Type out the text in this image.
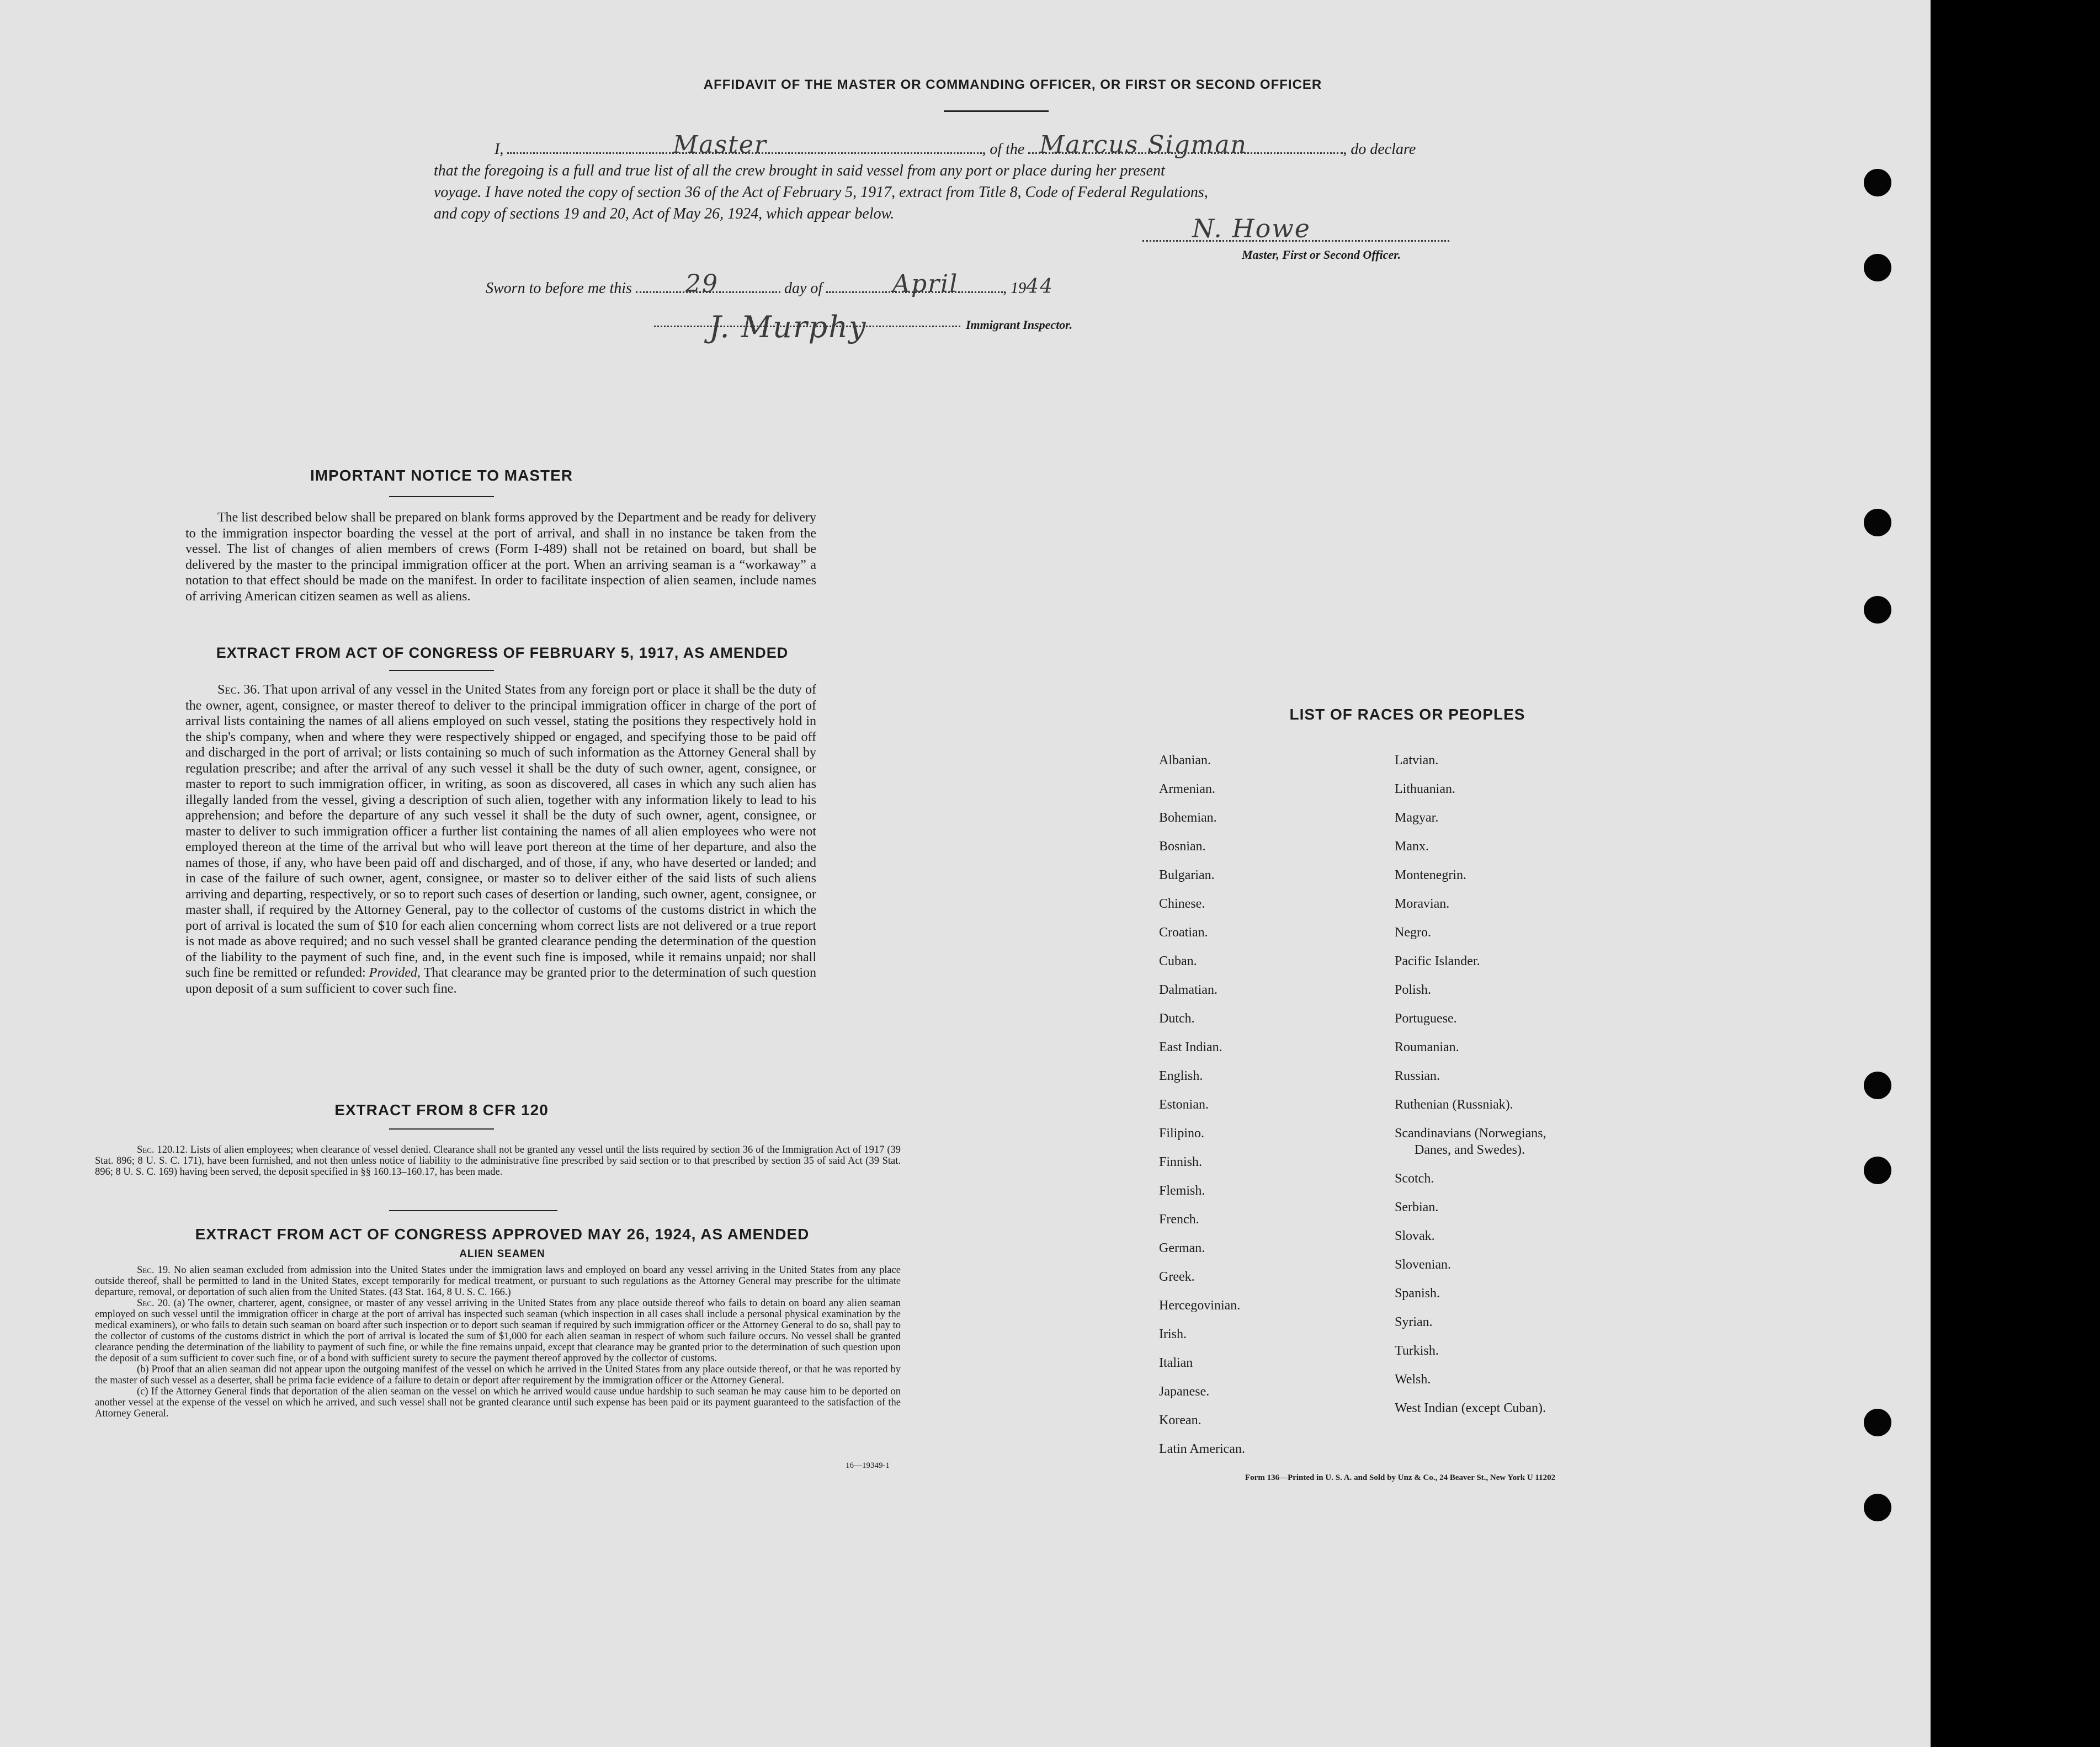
AFFIDAVIT OF THE MASTER OR COMMANDING OFFICER, OR FIRST OR SECOND OFFICER
I,	Master	, of the Marcus Sigman	, do declare
that the foregoing is a full and true list of all the crew brought in said vessel from any port or place during her present
voyage. I have noted the copy of section 36 of the Act of February 5, 1917, extract from Title 8, Code of Federal Regulations,
and copy of sections 19 and 20, Act of May 26, 1924, which appear below.	N. Howe
Master, First or Second Officer.
Sworn to before me this 29	day of	April	, 1944
J. Murphy	Immigrant Inspector.
IMPORTANT NOTICE TO MASTER
The list described below shall be prepared on blank forms approved by the Department and be ready for delivery to the immigration inspector boarding the vessel at the port of arrival, and shall in no instance be taken from the vessel. The list of changes of alien members of crews (Form I-489) shall not be retained on board, but shall be delivered by the master to the principal immigration officer at the port. When an arriving seaman is a “workaway” a notation to that effect should be made on the manifest. In order to facilitate inspection of alien seamen, include names of arriving American citizen seamen as well as aliens.
EXTRACT FROM ACT OF CONGRESS OF FEBRUARY 5, 1917, AS AMENDED
Sec. 36. That upon arrival of any vessel in the United States from any foreign port or place it shall be the duty of the owner, agent, consignee, or master thereof to deliver to the principal immigration officer in charge of the port of arrival lists containing the names of all aliens employed on such vessel, stating the positions they respectively hold in the ship's company, when and where they were respectively shipped or engaged, and specifying those to be paid off and discharged in the port of arrival; or lists containing so much of such information as the Attorney General shall by regulation prescribe; and after the arrival of any such vessel it shall be the duty of such owner, agent, consignee, or master to report to such immigration officer, in writing, as soon as discovered, all cases in which any such alien has illegally landed from the vessel, giving a description of such alien, together with any information likely to lead to his apprehension; and before the departure of any such vessel it shall be the duty of such owner, agent, consignee, or master to deliver to such immigration officer a further list containing the names of all alien employees who were not employed thereon at the time of the arrival but who will leave port thereon at the time of her departure, and also the names of those, if any, who have been paid off and discharged, and of those, if any, who have deserted or landed; and in case of the failure of such owner, agent, consignee, or master so to deliver either of the said lists of such aliens arriving and departing, respectively, or so to report such cases of desertion or landing, such owner, agent, consignee, or master shall, if required by the Attorney General, pay to the collector of customs of the customs district in which the port of arrival is located the sum of $10 for each alien concerning whom correct lists are not delivered or a true report is not made as above required; and no such vessel shall be granted clearance pending the determination of the question of the liability to the payment of such fine, and, in the event such fine is imposed, while it remains unpaid; nor shall such fine be remitted or refunded: Provided, That clearance may be granted prior to the determination of such question upon deposit of a sum sufficient to cover such fine.
EXTRACT FROM 8 CFR 120
Sec. 120.12. Lists of alien employees; when clearance of vessel denied. Clearance shall not be granted any vessel until the lists required by section 36 of the Immigration Act of 1917 (39 Stat. 896; 8 U. S. C. 171), have been furnished, and not then unless notice of liability to the administrative fine prescribed by said section or to that prescribed by section 35 of said Act (39 Stat. 896; 8 U. S. C. 169) having been served, the deposit specified in §§ 160.13–160.17, has been made.
EXTRACT FROM ACT OF CONGRESS APPROVED MAY 26, 1924, AS AMENDED
ALIEN SEAMEN
Sec. 19. No alien seaman excluded from admission into the United States under the immigration laws and employed on board any vessel arriving in the United States from any place outside thereof, shall be permitted to land in the United States, except temporarily for medical treatment, or pursuant to such regulations as the Attorney General may prescribe for the ultimate departure, removal, or deportation of such alien from the United States. (43 Stat. 164, 8 U. S. C. 166.)
Sec. 20. (a) The owner, charterer, agent, consignee, or master of any vessel arriving in the United States from any place outside thereof who fails to detain on board any alien seaman employed on such vessel until the immigration officer in charge at the port of arrival has inspected such seaman (which inspection in all cases shall include a personal physical examination by the medical examiners), or who fails to detain such seaman on board after such inspection or to deport such seaman if required by such immigration officer or the Attorney General to do so, shall pay to the collector of customs of the customs district in which the port of arrival is located the sum of $1,000 for each alien seaman in respect of whom such failure occurs. No vessel shall be granted clearance pending the determination of the liability to payment of such fine, or while the fine remains unpaid, except that clearance may be granted prior to the determination of such question upon the deposit of a sum sufficient to cover such fine, or of a bond with sufficient surety to secure the payment thereof approved by the collector of customs.
(b) Proof that an alien seaman did not appear upon the outgoing manifest of the vessel on which he arrived in the United States from any place outside thereof, or that he was reported by the master of such vessel as a deserter, shall be prima facie evidence of a failure to detain or deport after requirement by the immigration officer or the Attorney General.
(c) If the Attorney General finds that deportation of the alien seaman on the vessel on which he arrived would cause undue hardship to such seaman he may cause him to be deported on another vessel at the expense of the vessel on which he arrived, and such vessel shall not be granted clearance until such expense has been paid or its payment guaranteed to the satisfaction of the Attorney General.
16—19349-1
LIST OF RACES OR PEOPLES
Albanian.
Armenian.
Bohemian.
Bosnian.
Bulgarian.
Chinese.
Croatian.
Cuban.
Dalmatian.
Dutch.
East Indian.
English.
Estonian.
Filipino.
Finnish.
Flemish.
French.
German.
Greek.
Hercegovinian.
Irish.
Italian
Japanese.
Korean.
Latin American.
Latvian.
Lithuanian.
Magyar.
Manx.
Montenegrin.
Moravian.
Negro.
Pacific Islander.
Polish.
Portuguese.
Roumanian.
Russian.
Ruthenian (Russniak).
Scandinavians (Norwegians,
Danes, and Swedes).
Scotch.
Serbian.
Slovak.
Slovenian.
Spanish.
Syrian.
Turkish.
Welsh.
West Indian (except Cuban).
Form 136—Printed in U. S. A. and Sold by Unz & Co., 24 Beaver St., New York U 11202
